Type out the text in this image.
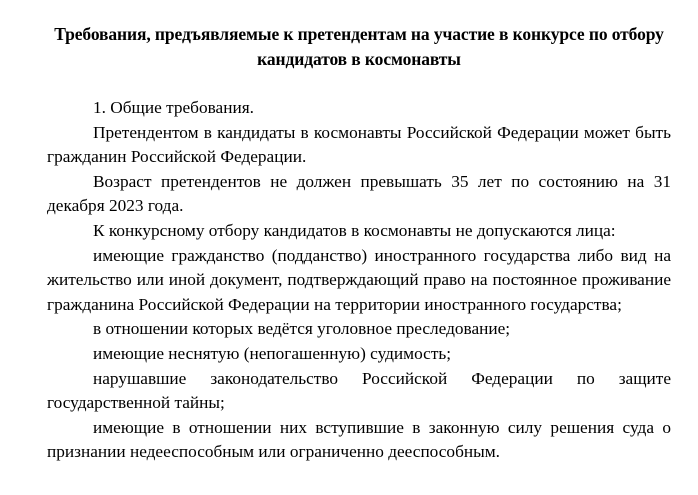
Требования, предъявляемые к претендентам на участие в конкурсе по отбору кандидатов в космонавты

1. Общие требования.

Претендентом в кандидаты в космонавты Российской Федерации может быть гражданин Российской Федерации.

Возраст претендентов не должен превышать 35 лет по состоянию на 31 декабря 2023 года.

К конкурсному отбору кандидатов в космонавты не допускаются лица:

имеющие гражданство (подданство) иностранного государства либо вид на жительство или иной документ, подтверждающий право на постоянное проживание гражданина Российской Федерации на территории иностранного государства;

в отношении которых ведётся уголовное преследование;

имеющие неснятую (непогашенную) судимость;

нарушавшие законодательство Российской Федерации по защите государственной тайны;

имеющие в отношении них вступившие в законную силу решения суда о признании недееспособным или ограниченно дееспособным.
